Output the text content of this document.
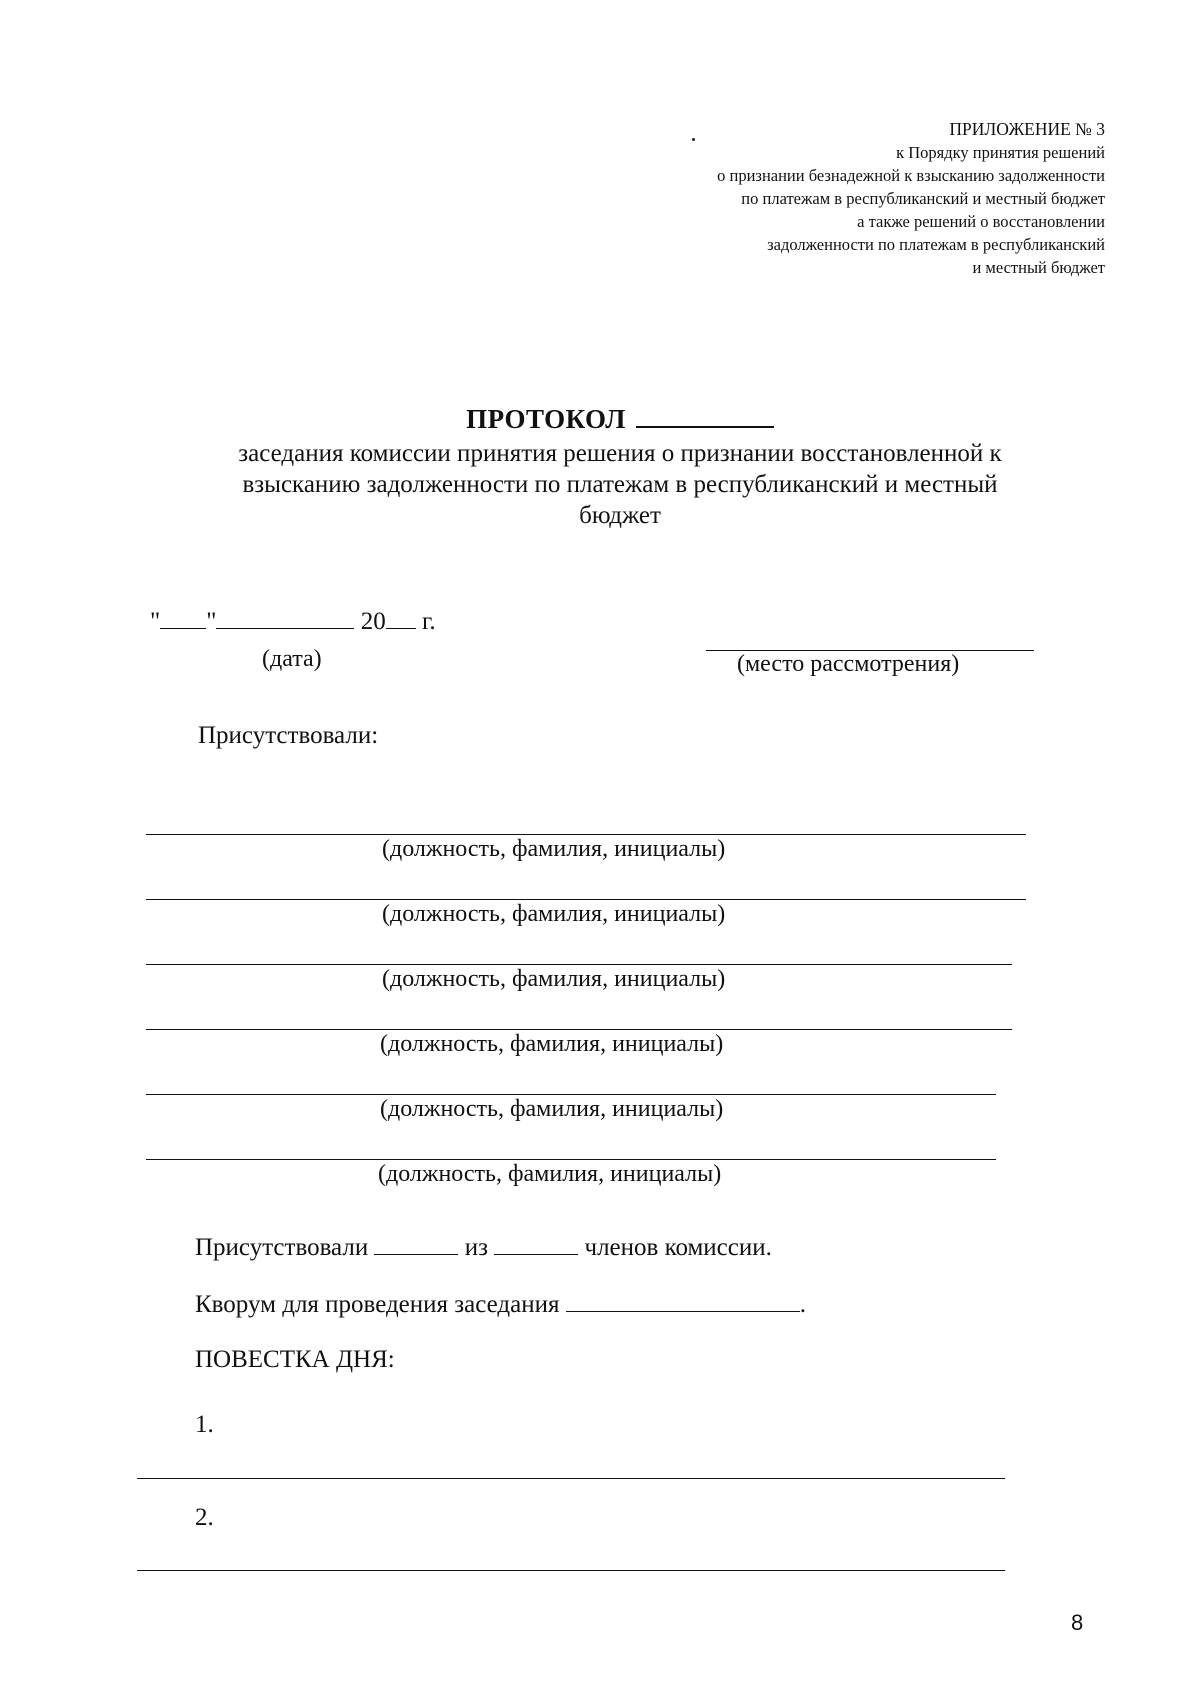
ПРИЛОЖЕНИЕ № 3
к Порядку принятия решений
о признании безнадежной к взысканию задолженности
по платежам в республиканский и местный бюджет
а также решений о восстановлении
задолженности по платежам в республиканский
и местный бюджет
ПРОТОКОЛ
заседания комиссии принятия решения о признании восстановленной к
взысканию задолженности по платежам в республиканский и местный
бюджет
" "	20 г.
(дата)	(место рассмотрения)
Присутствовали:
(должность, фамилия, инициалы)
(должность, фамилия, инициалы)
(должность, фамилия, инициалы)
(должность, фамилия, инициалы)
(должность, фамилия, инициалы)
(должность, фамилия, инициалы)
Присутствовали	из	членов комиссии.
Кворум для проведения заседания	.
ПОВЕСТКА ДНЯ:
1.
2.
8
